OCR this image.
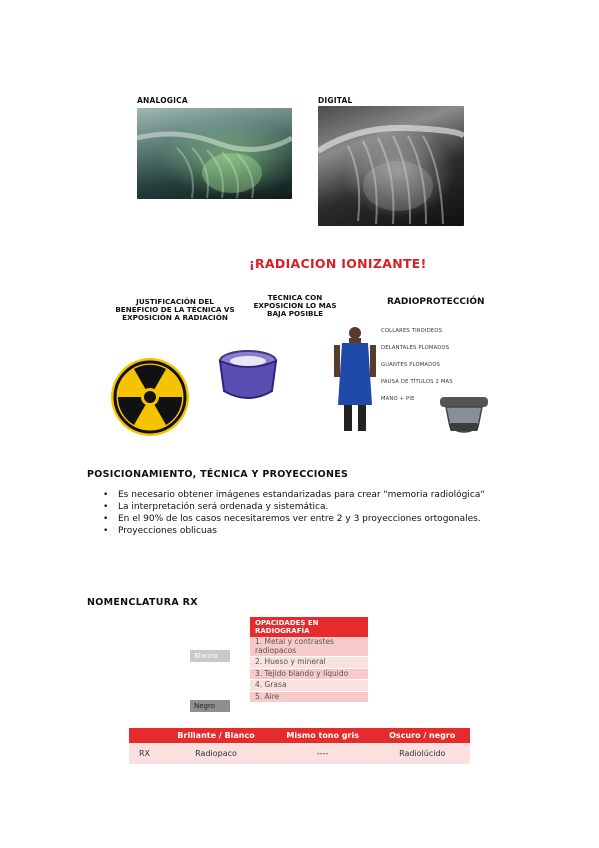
ANALOGICA	DIGITAL
¡RADIACION IONIZANTE!
JUSTIFICACIÓN DEL
BENEFICIO DE LA TÉCNICA VS
EXPOSICIÓN A RADIACIÓN
TECNICA CON
EXPOSICION LO MAS
BAJA POSIBLE
RADIOPROTECCIÓN
COLLARES TIROIDEOS
DELANTALES PLOMADOS
GUANTES PLOMADOS
PAUSA DE TÍTULOS 2 MAS
MANO + PIE
POSICIONAMIENTO, TÉCNICA Y PROYECCIONES
• Es necesario obtener imágenes estandarizadas para crear "memoria radiológica"
• La interpretación será ordenada y sistemática.
• En el 90% de los casos necesitaremos ver entre 2 y 3 proyecciones ortogonales.
• Proyecciones oblicuas
NOMENCLATURA RX
Blanco
Negro
OPACIDADES EN RADIOGRAFÍA
1. Metal y contrastes radiopacos
2. Hueso y mineral
3. Tejido blando y líquido
4. Grasa
5. Aire
	Brillante / Blanco	Mismo tono gris	Oscuro / negro
RX	Radiopaco	----	Radiolúcido
